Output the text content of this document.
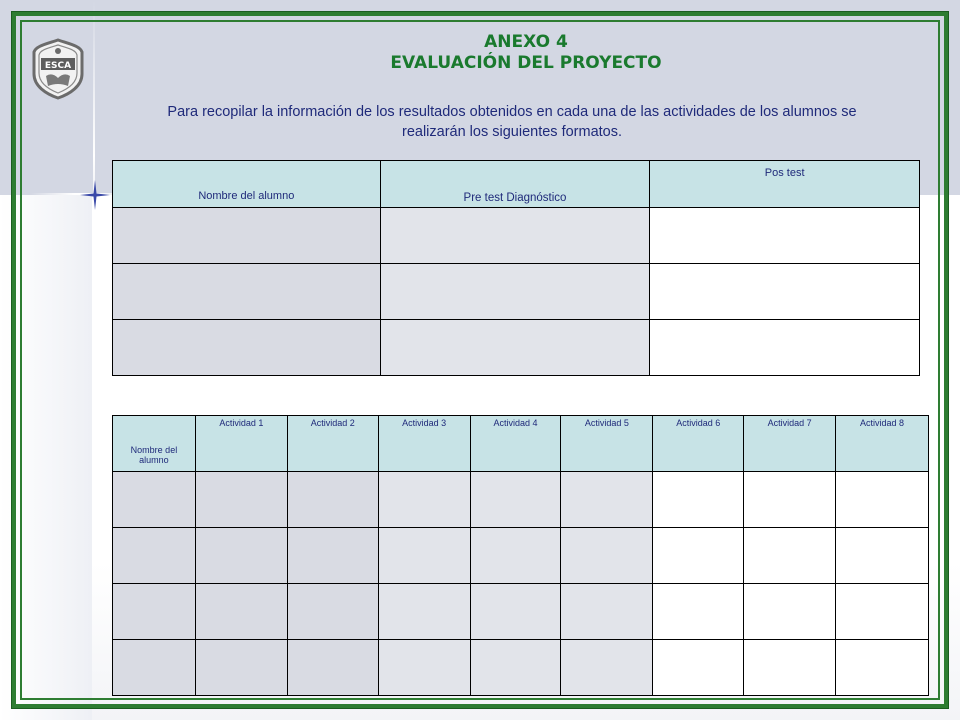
ESCA
ANEXO 4
EVALUACIÓN DEL PROYECTO

Para recopilar la información de los resultados obtenidos en cada una de las actividades de los alumnos se realizarán los siguientes formatos.

Nombre del alumno	Pre test Diagnóstico	Pos test

Nombre del alumno	Actividad 1	Actividad 2	Actividad 3	Actividad 4	Actividad 5	Actividad 6	Actividad 7	Actividad 8
